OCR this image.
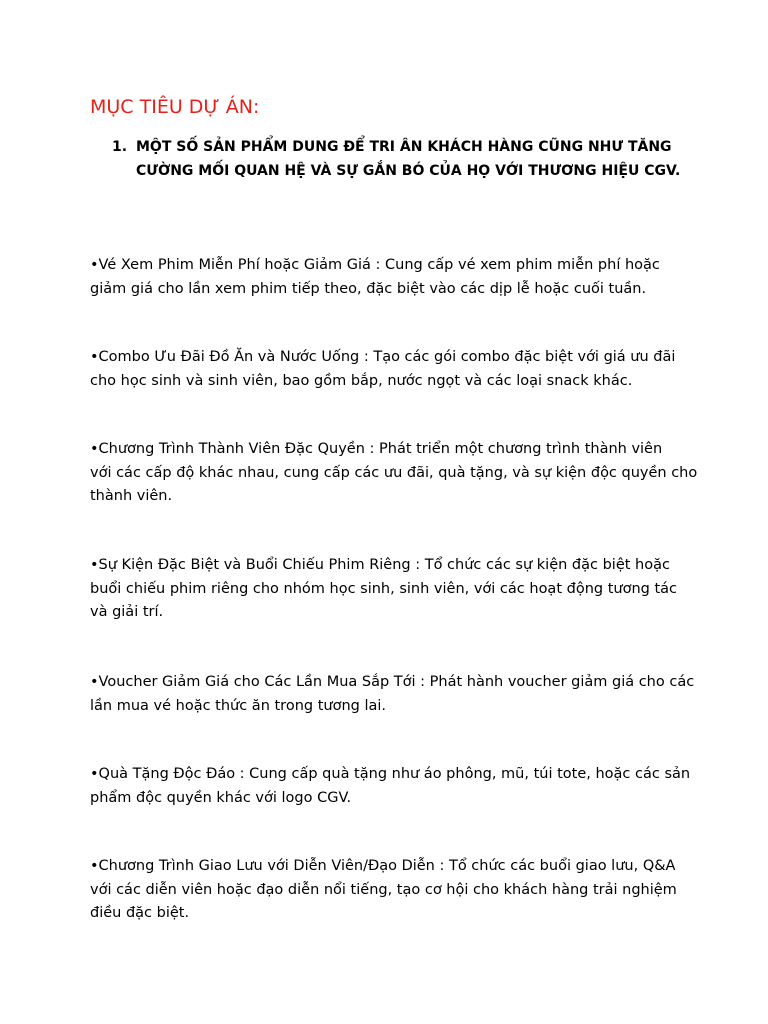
MỤC TIÊU DỰ ÁN:
1. MỘT SỐ SẢN PHẨM DUNG ĐỂ TRI ÂN KHÁCH HÀNG CŨNG NHƯ TĂNG
CƯỜNG MỐI QUAN HỆ VÀ SỰ GẮN BÓ CỦA HỌ VỚI THƯƠNG HIỆU CGV.

•Vé Xem Phim Miễn Phí hoặc Giảm Giá : Cung cấp vé xem phim miễn phí hoặc
giảm giá cho lần xem phim tiếp theo, đặc biệt vào các dịp lễ hoặc cuối tuần.

•Combo Ưu Đãi Đồ Ăn và Nước Uống : Tạo các gói combo đặc biệt với giá ưu đãi
cho học sinh và sinh viên, bao gồm bắp, nước ngọt và các loại snack khác.

•Chương Trình Thành Viên Đặc Quyền : Phát triển một chương trình thành viên
với các cấp độ khác nhau, cung cấp các ưu đãi, quà tặng, và sự kiện độc quyền cho
thành viên.

•Sự Kiện Đặc Biệt và Buổi Chiếu Phim Riêng : Tổ chức các sự kiện đặc biệt hoặc
buổi chiếu phim riêng cho nhóm học sinh, sinh viên, với các hoạt động tương tác
và giải trí.

•Voucher Giảm Giá cho Các Lần Mua Sắp Tới : Phát hành voucher giảm giá cho các
lần mua vé hoặc thức ăn trong tương lai.

•Quà Tặng Độc Đáo : Cung cấp quà tặng như áo phông, mũ, túi tote, hoặc các sản
phẩm độc quyền khác với logo CGV.

•Chương Trình Giao Lưu với Diễn Viên/Đạo Diễn : Tổ chức các buổi giao lưu, Q&A
với các diễn viên hoặc đạo diễn nổi tiếng, tạo cơ hội cho khách hàng trải nghiệm
điều đặc biệt.
